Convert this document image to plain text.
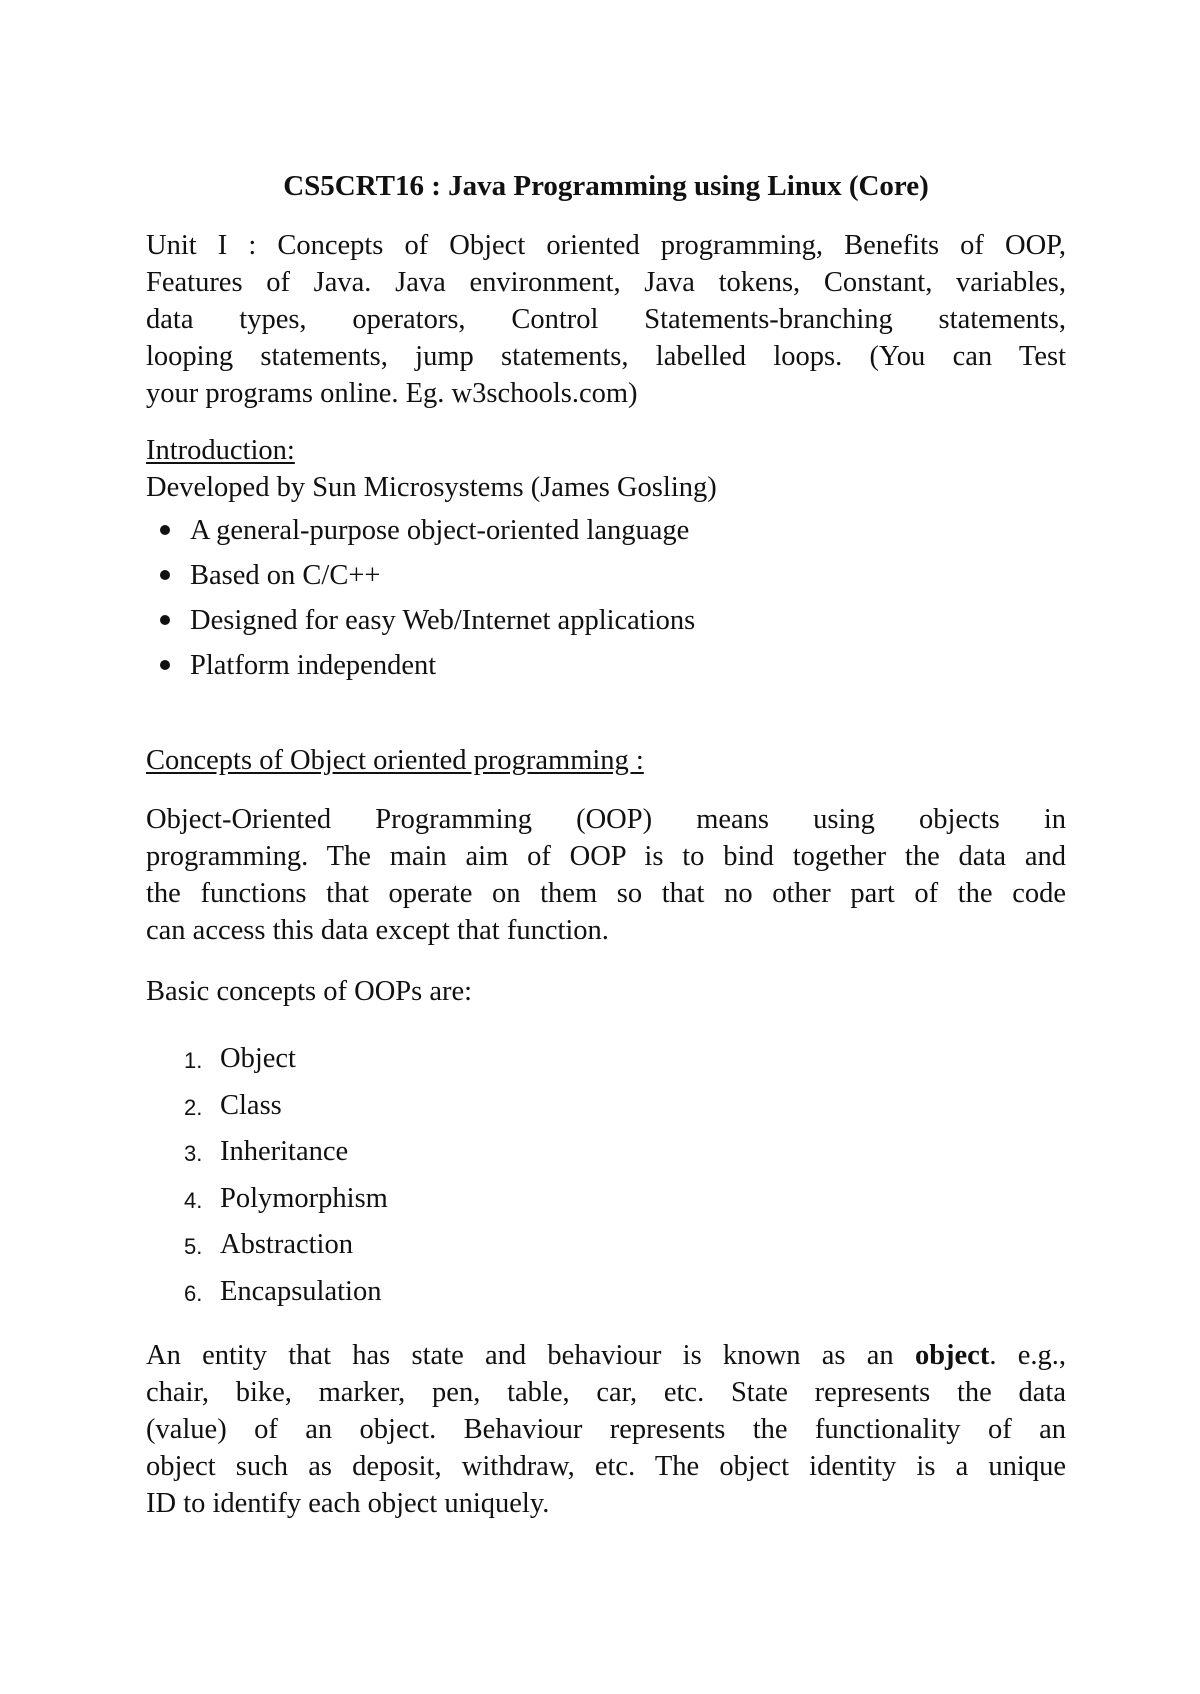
CS5CRT16 : Java Programming using Linux (Core)
Unit I : Concepts of Object oriented programming, Benefits of OOP,
Features of Java. Java environment, Java tokens, Constant, variables,
data types, operators, Control Statements-branching statements,
looping statements, jump statements, labelled loops. (You can Test
your programs online. Eg. w3schools.com)
Introduction:
Developed by Sun Microsystems (James Gosling)
A general-purpose object-oriented language
Based on C/C++
Designed for easy Web/Internet applications
Platform independent
Concepts of Object oriented programming :
Object-Oriented Programming (OOP) means using objects in
programming. The main aim of OOP is to bind together the data and
the functions that operate on them so that no other part of the code
can access this data except that function.
Basic concepts of OOPs are:
1. Object
2. Class
3. Inheritance
4. Polymorphism
5. Abstraction
6. Encapsulation
An entity that has state and behaviour is known as an object. e.g.,
chair, bike, marker, pen, table, car, etc. State represents the data
(value) of an object. Behaviour represents the functionality of an
object such as deposit, withdraw, etc. The object identity is a unique
ID to identify each object uniquely.
